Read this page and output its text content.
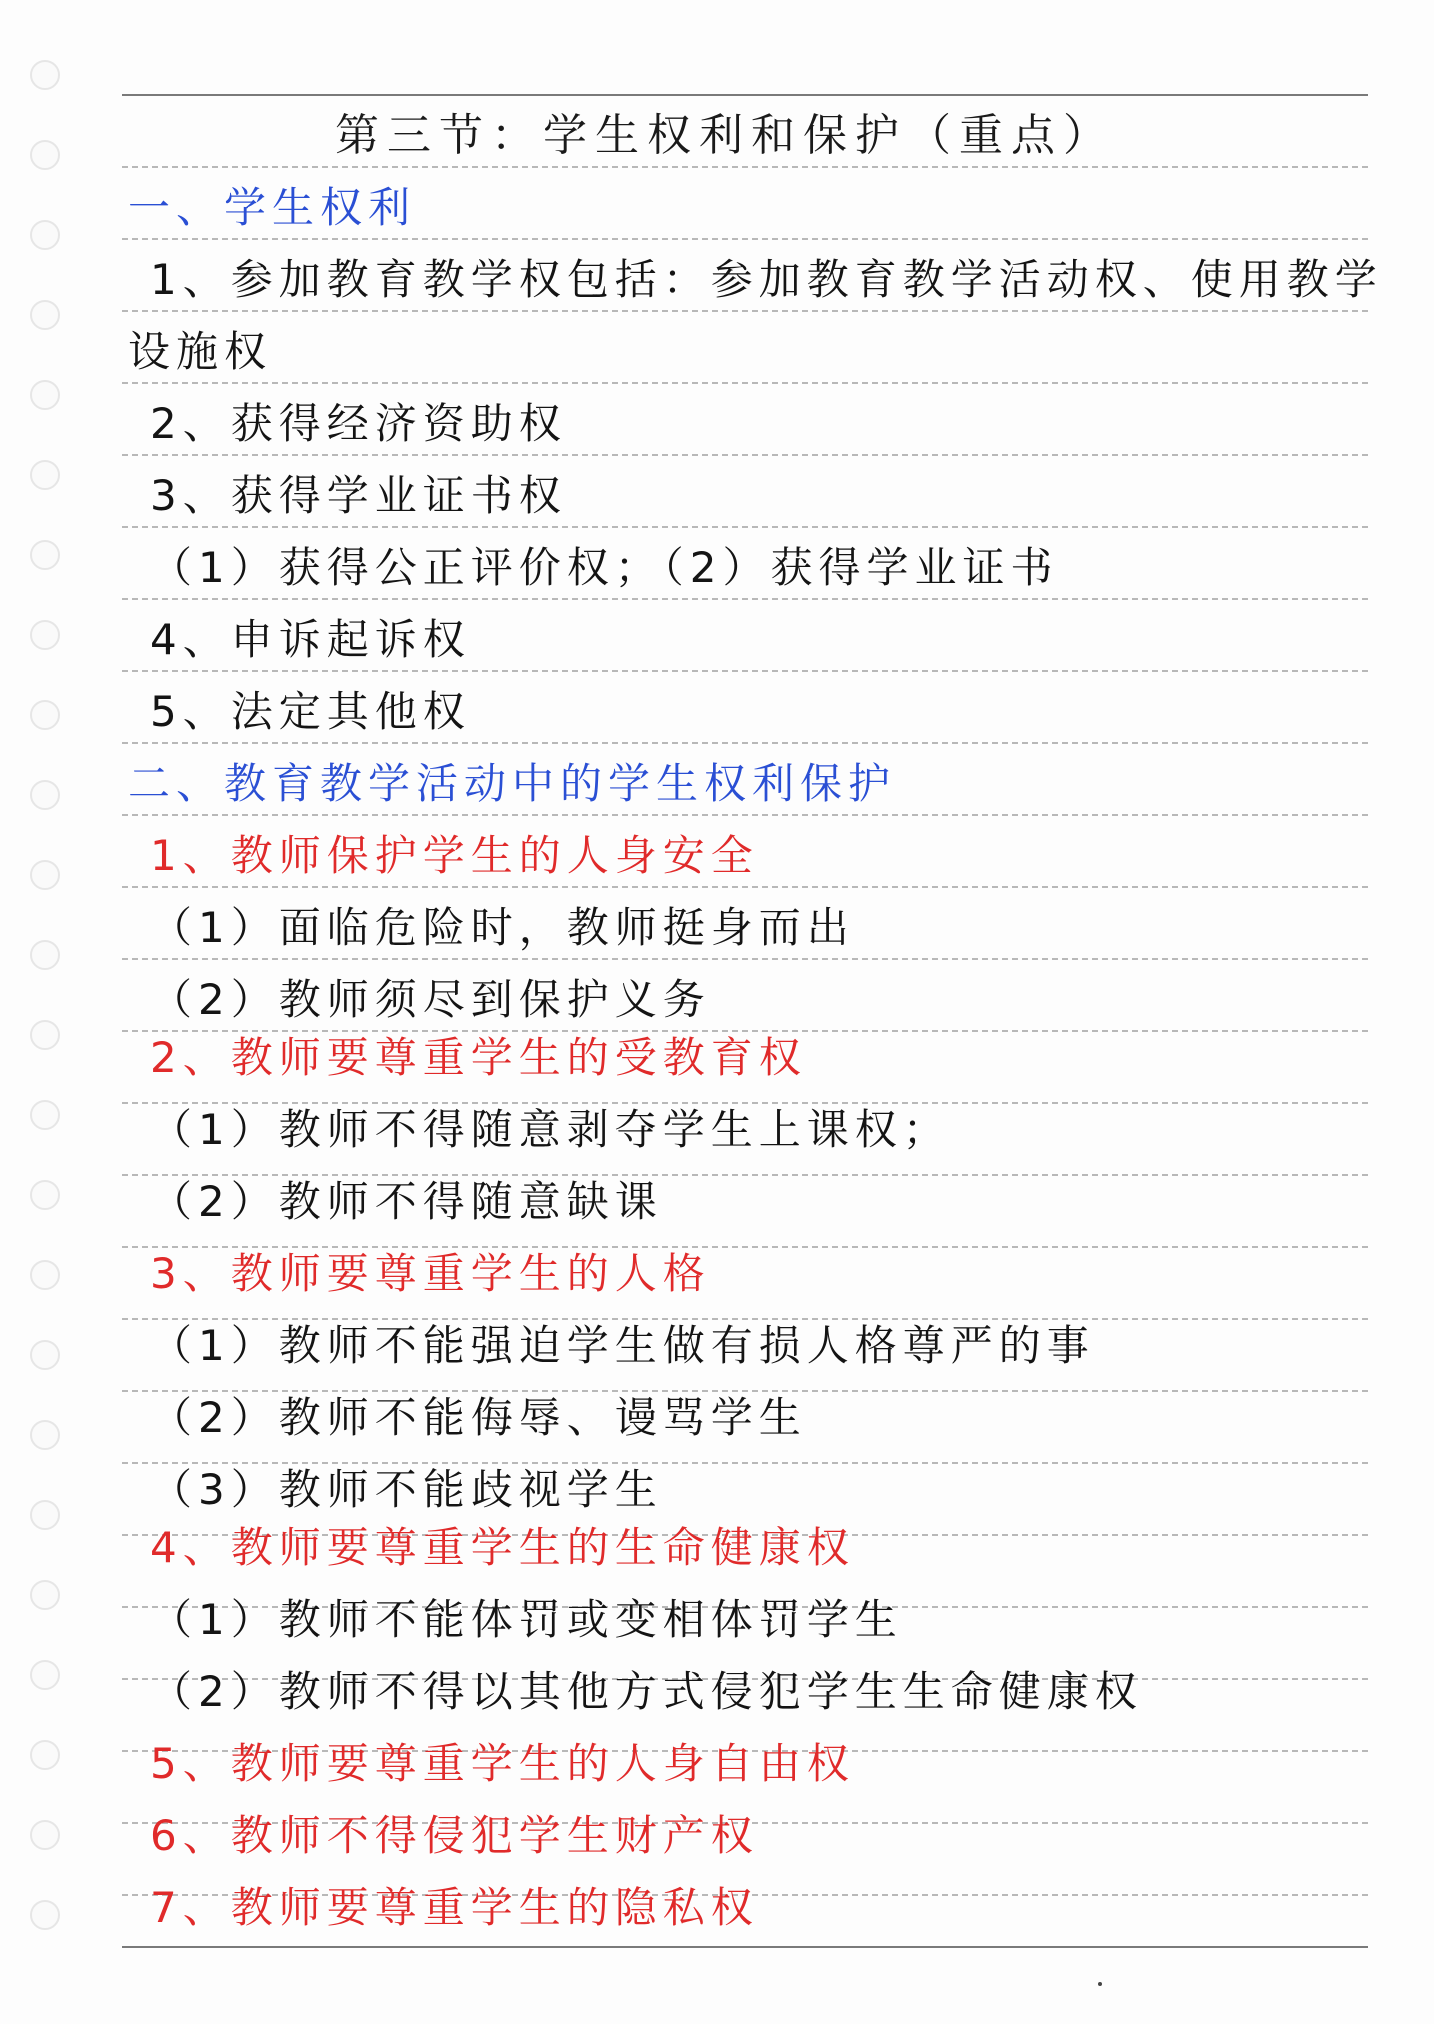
第三节：学生权利和保护（重点）
一、学生权利
1、参加教育教学权包括：参加教育教学活动权、使用教学
设施权
2、获得经济资助权
3、获得学业证书权
（1）获得公正评价权；（2）获得学业证书
4、申诉起诉权
5、法定其他权
二、教育教学活动中的学生权利保护
1、教师保护学生的人身安全
（1）面临危险时，教师挺身而出
（2）教师须尽到保护义务
2、教师要尊重学生的受教育权
（1）教师不得随意剥夺学生上课权；
（2）教师不得随意缺课
3、教师要尊重学生的人格
（1）教师不能强迫学生做有损人格尊严的事
（2）教师不能侮辱、谩骂学生
（3）教师不能歧视学生
4、教师要尊重学生的生命健康权
（1）教师不能体罚或变相体罚学生
（2）教师不得以其他方式侵犯学生生命健康权
5、教师要尊重学生的人身自由权
6、教师不得侵犯学生财产权
7、教师要尊重学生的隐私权
